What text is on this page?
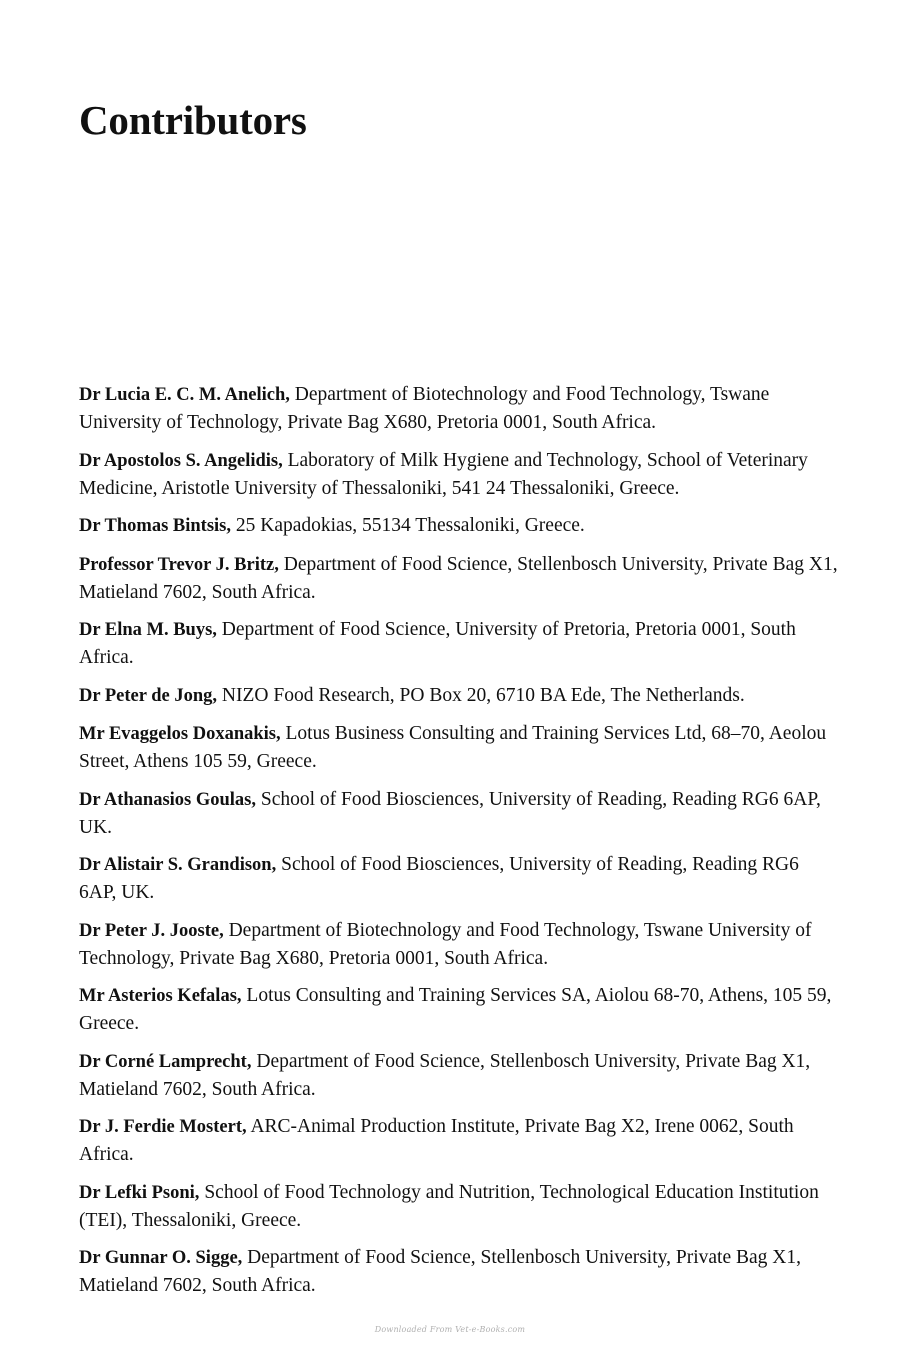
Contributors
Dr Lucia E. C. M. Anelich, Department of Biotechnology and Food Technology, Tswane University of Technology, Private Bag X680, Pretoria 0001, South Africa.
Dr Apostolos S. Angelidis, Laboratory of Milk Hygiene and Technology, School of Veterinary Medicine, Aristotle University of Thessaloniki, 541 24 Thessaloniki, Greece.
Dr Thomas Bintsis, 25 Kapadokias, 55134 Thessaloniki, Greece.
Professor Trevor J. Britz, Department of Food Science, Stellenbosch University, Private Bag X1, Matieland 7602, South Africa.
Dr Elna M. Buys, Department of Food Science, University of Pretoria, Pretoria 0001, South Africa.
Dr Peter de Jong, NIZO Food Research, PO Box 20, 6710 BA Ede, The Netherlands.
Mr Evaggelos Doxanakis, Lotus Business Consulting and Training Services Ltd, 68–70, Aeolou Street, Athens 105 59, Greece.
Dr Athanasios Goulas, School of Food Biosciences, University of Reading, Reading RG6 6AP, UK.
Dr Alistair S. Grandison, School of Food Biosciences, University of Reading, Reading RG6 6AP, UK.
Dr Peter J. Jooste, Department of Biotechnology and Food Technology, Tswane University of Technology, Private Bag X680, Pretoria 0001, South Africa.
Mr Asterios Kefalas, Lotus Consulting and Training Services SA, Aiolou 68-70, Athens, 105 59, Greece.
Dr Corné Lamprecht, Department of Food Science, Stellenbosch University, Private Bag X1, Matieland 7602, South Africa.
Dr J. Ferdie Mostert, ARC-Animal Production Institute, Private Bag X2, Irene 0062, South Africa.
Dr Lefki Psoni, School of Food Technology and Nutrition, Technological Education Institution (TEI), Thessaloniki, Greece.
Dr Gunnar O. Sigge, Department of Food Science, Stellenbosch University, Private Bag X1, Matieland 7602, South Africa.
Downloaded From Vet-e-Books.com
